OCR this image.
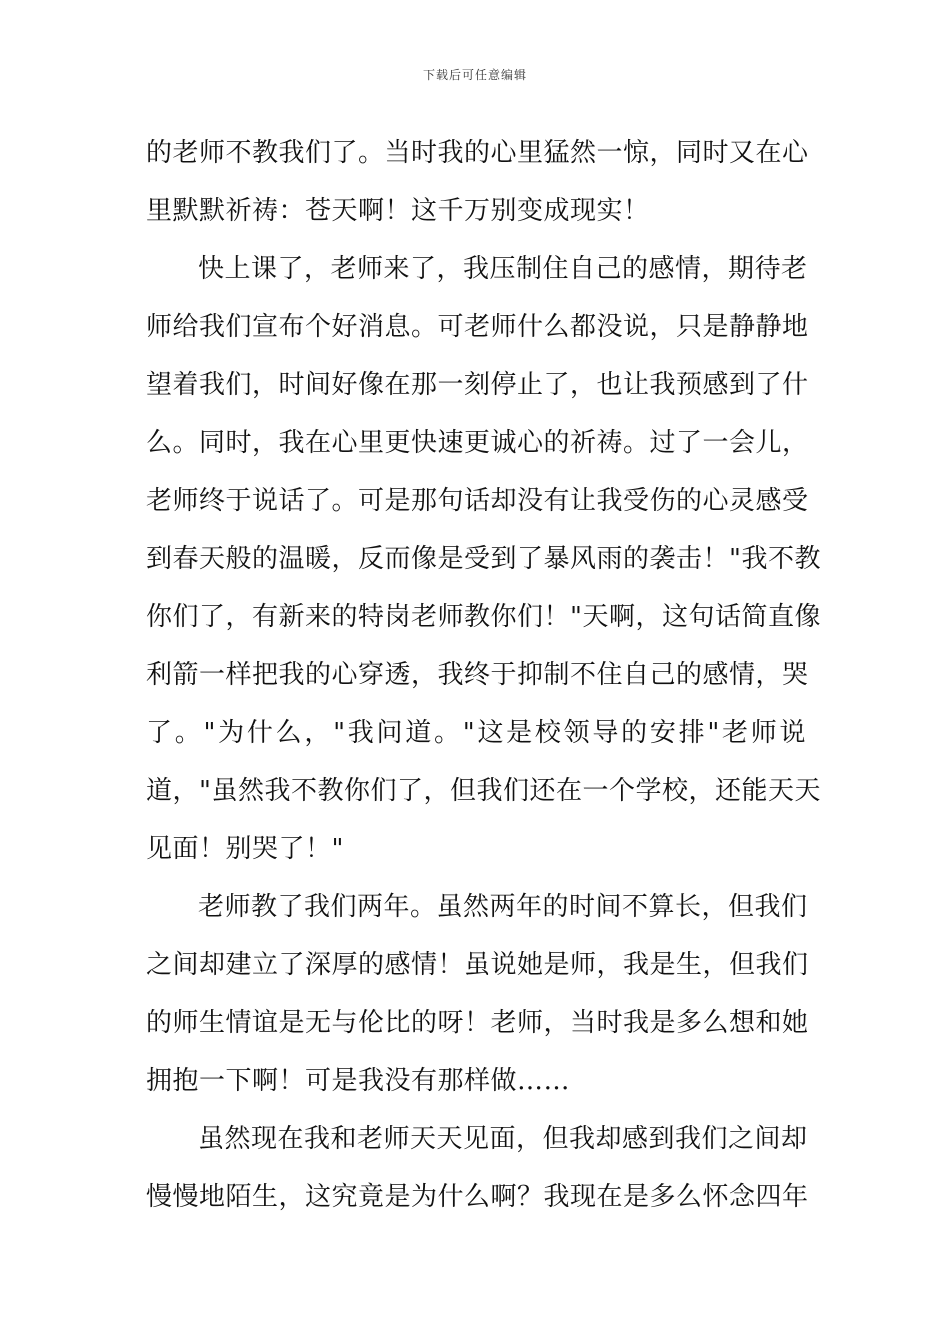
下载后可任意编辑
的老师不教我们了。当时我的心里猛然一惊，同时又在心
里默默祈祷：苍天啊！这千万别变成现实！
快上课了，老师来了，我压制住自己的感情，期待老
师给我们宣布个好消息。可老师什么都没说，只是静静地
望着我们，时间好像在那一刻停止了，也让我预感到了什
么。同时，我在心里更快速更诚心的祈祷。过了一会儿，
老师终于说话了。可是那句话却没有让我受伤的心灵感受
到春天般的温暖，反而像是受到了暴风雨的袭击！"我不教
你们了，有新来的特岗老师教你们！"天啊，这句话简直像
利箭一样把我的心穿透，我终于抑制不住自己的感情，哭
了。"为什么，"我问道。"这是校领导的安排"老师说
道，"虽然我不教你们了，但我们还在一个学校，还能天天
见面！别哭了！"
老师教了我们两年。虽然两年的时间不算长，但我们
之间却建立了深厚的感情！虽说她是师，我是生，但我们
的师生情谊是无与伦比的呀！老师，当时我是多么想和她
拥抱一下啊！可是我没有那样做……
虽然现在我和老师天天见面，但我却感到我们之间却
慢慢地陌生，这究竟是为什么啊？我现在是多么怀念四年
